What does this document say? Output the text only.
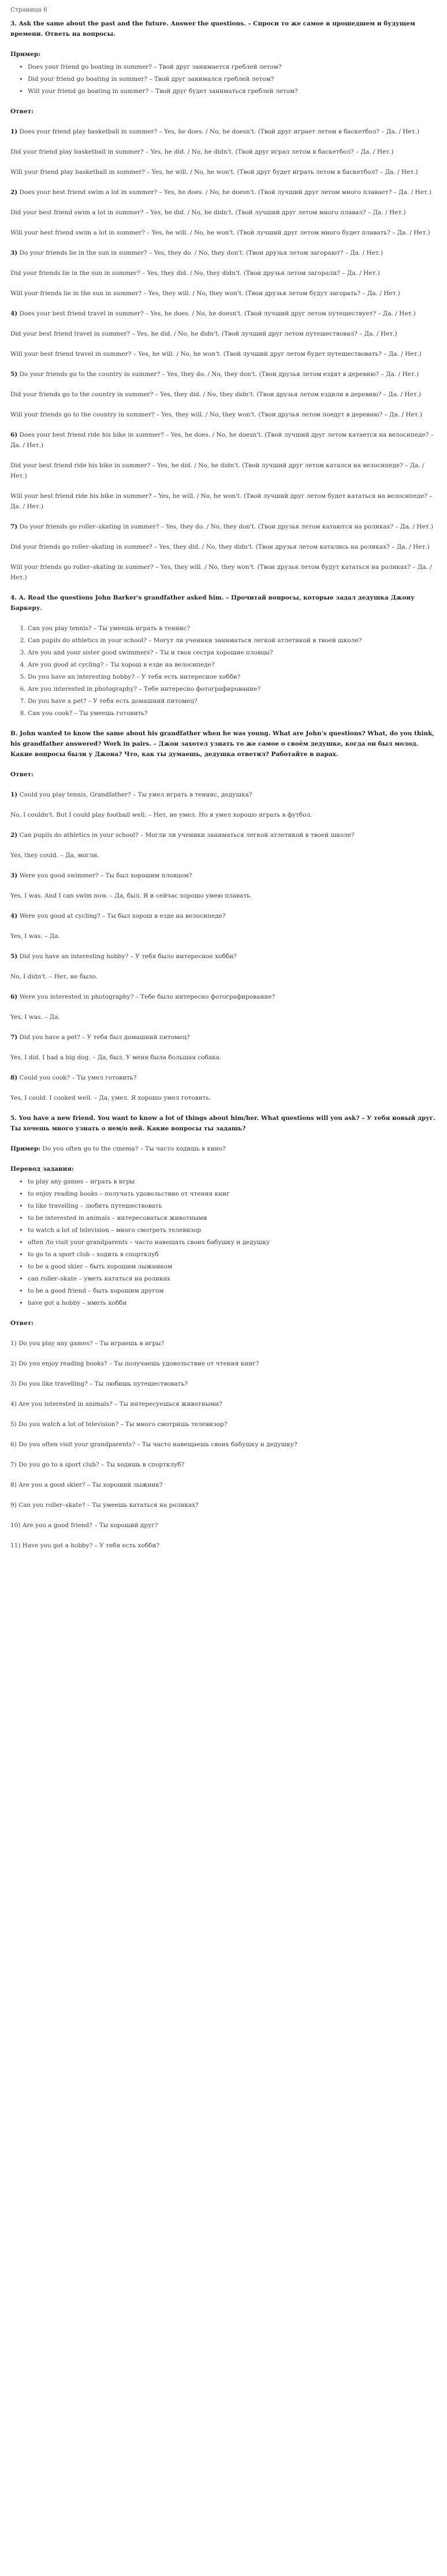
Страница 6

3. Ask the same about the past and the future. Answer the questions. – Спроси то же самое в прошедшем и будущем времени. Ответь на вопросы.

Пример:
• Does your friend go boating in summer? – Твой друг занимается греблей летом?
• Did your friend go boating in summer? – Твой друг занимался греблей летом?
• Will your friend go boating in summer? – Твой друг будет заниматься греблей летом?
Ответ:

1) Does your friend play basketball in summer? – Yes, he does. / No, he doesn't. (Твой друг играет летом в баскетбол? – Да. / Нет.)

Did your friend play basketball in summer? – Yes, he did. / No, he didn't. (Твой друг играл летом в баскетбол? – Да. / Нет.)

Will your friend play basketball in summer? – Yes, he will. / No, he won't. (Твой друг будет играть летом в баскетбол? – Да. / Нет.)

2) Does your best friend swim a lot in summer? – Yes, he does. / No, he doesn't. (Твой лучший друг летом много плавает? – Да. / Нет.)

Did your best friend swim a lot in summer? – Yes, he did. / No, he didn't. (Твой лучший друг летом много плавал? – Да. / Нет.)

Will your best friend swim a lot in summer? – Yes, he will. / No, he won't. (Твой лучший друг летом много будет плавать? – Да. / Нет.)

3) Do your friends lie in the sun in summer? – Yes, they do. / No, they don't. (Твои друзья летом загорают? – Да. / Нет.)

Did your friends lie in the sun in summer? – Yes, they did. / No, they didn't. (Твои друзья летом загорали? – Да. / Нет.)

Will your friends lie in the sun in summer? – Yes, they will. / No, they won't. (Твои друзья летом будут загорать? – Да. / Нет.)

4) Does your best friend travel in summer? – Yes, he does. / No, he doesn't. (Твой лучший друг летом путешествует? – Да. / Нет.)

Did your best friend travel in summer? – Yes, he did. / No, he didn't. (Твой лучший друг летом путешествовал? – Да. / Нет.)

Will your best friend travel in summer? – Yes, he will. / No, he won't. (Твой лучший друг летом будет путешествовать? – Да. / Нет.)

5) Do your friends go to the country in summer? – Yes, they do. / No, they don't. (Твои друзья летом ездят в деревню? – Да. / Нет.)

Did your friends go to the country in summer? – Yes, they did. / No, they didn't. (Твои друзья летом ездили в деревню? – Да. / Нет.)

Will your friends go to the country in summer? – Yes, they will. / No, they won't. (Твои друзья летом поедут в деревню? – Да. / Нет.)

6) Does your best friend ride his bike in summer? – Yes, he does. / No, he doesn't. (Твой лучший друг летом катается на велосипеде? – Да. / Нет.)

Did your best friend ride his bike in summer? – Yes, he did. / No, he didn't. (Твой лучший друг летом катался на велосипеде? – Да. / Нет.)

Will your best friend ride his bike in summer? – Yes, he will. / No, he won't. (Твой лучший друг летом будет кататься на велосипеде? – Да. / Нет.)

7) Do your friends go roller–skating in summer? – Yes, they do. / No, they don't. (Твои друзья летом катаются на роликах? – Да. / Нет.)

Did your friends go roller–skating in summer? – Yes, they did. / No, they didn't. (Твои друзья летом катались на роликах? – Да. / Нет.)

Will your friends go roller–skating in summer? – Yes, they will. / No, they won't. (Твои друзья летом будут кататься на роликах? – Да. / Нет.)

4. A. Read the questions John Barker's grandfather asked him. – Прочитай вопросы, которые задал дедушка Джону Баркеру.

1. Can you play tennis? – Ты умеешь играть в теннис?
2. Can pupils do athletics in your school? – Могут ли ученики заниматься легкой атлетикой в твоей школе?
3. Are you and your sister good swimmers? – Ты и твоя сестра хорошие пловцы?
4. Are you good at cycling? – Ты хорош в езде на велосипеде?
5. Do you have an interesting hobby? – У тебя есть интересное хобби?
6. Are you interested in photography? – Тебе интересно фотографирование?
7. Do you have a pet? – У тебя есть домашний питомец?
8. Can you cook? – Ты умеешь готовить?

B. John wanted to know the same about his grandfather when he was young. What are John's questions? What, do you think, his grandfather answered? Work in pairs. – Джон захотел узнать то же самое о своём дедушке, когда он был молод. Какие вопросы были у Джона? Что, как ты думаешь, дедушка ответил? Работайте в парах.

Ответ:

1) Could you play tennis, Grandfather? – Ты умел играть в теннис, дедушка?

No, I couldn't. But I could play football well. – Нет, не умел. Но я умел хорошо играть в футбол.

2) Can pupils do athletics in your school? – Могли ли ученики заниматься легкой атлетикой в твоей школе?

Yes, they could. – Да, могли.

3) Were you good swimmer? – Ты был хорошим пловцом?

Yes, I was. And I can swim now. – Да, был. Я и сейчас хорошо умею плавать.

4) Were you good at cycling? – Ты был хорош в езде на велосипеде?

Yes, I was. – Да.

5) Did you have an interesting hobby? – У тебя было интересное хобби?

No, I didn't. – Нет, не было.

6) Were you interested in photography? – Тебе было интересно фотографирование?

Yes, I was. – Да.

7) Did you have a pet? – У тебя был домашний питомец?

Yes, I did. I had a big dog. – Да, был. У меня была большая собака.

8) Could you cook? – Ты умел готовить?

Yes, I could. I cooked well. – Да, умел. Я хорошо умел готовить.

5. You have a new friend. You want to know a lot of things about him/her. What questions will you ask? – У тебя новый друг. Ты хочешь много узнать о нем/о ней. Какие вопросы ты задашь?

Пример: Do you often go to the cinema? – Ты часто ходишь в кино?

Перевод задания:
• to play any games – играть в игры
• to enjoy reading books – получать удовольствие от чтения книг
• to like travelling – любить путешествовать
• to be interested in animals – интересоваться животными
• to watch a lot of television – много смотреть телевизор
• often /to visit your grandparents – часто навещать своих бабушку и дедушку
• to go to a sport club – ходить в спортклуб
• to be a good skier – быть хорошим лыжником
• can roller–skate – уметь кататься на роликах
• to be a good friend – быть хорошим другом
• have got a hobby – иметь хобби
Ответ:

1) Do you play any games? – Ты играешь в игры?

2) Do you enjoy reading books? – Ты получаешь удовольствие от чтения книг?

3) Do you like travelling? – Ты любишь путешествовать?

4) Are you interested in animals? – Ты интересуешься животными?

5) Do you watch a lot of television? – Ты много смотришь телевизор?

6) Do you often visit your grandparents? – Ты часто навещаешь своих бабушку и дедушку?

7) Do you go to a sport club? – Ты ходишь в спортклуб?

8) Are you a good skier? – Ты хороший лыжник?

9) Can you roller–skate? – Ты умеешь кататься на роликах?

10) Are you a good friend? – Ты хороший друг?

11) Have you got a hobby? – У тебя есть хобби?
